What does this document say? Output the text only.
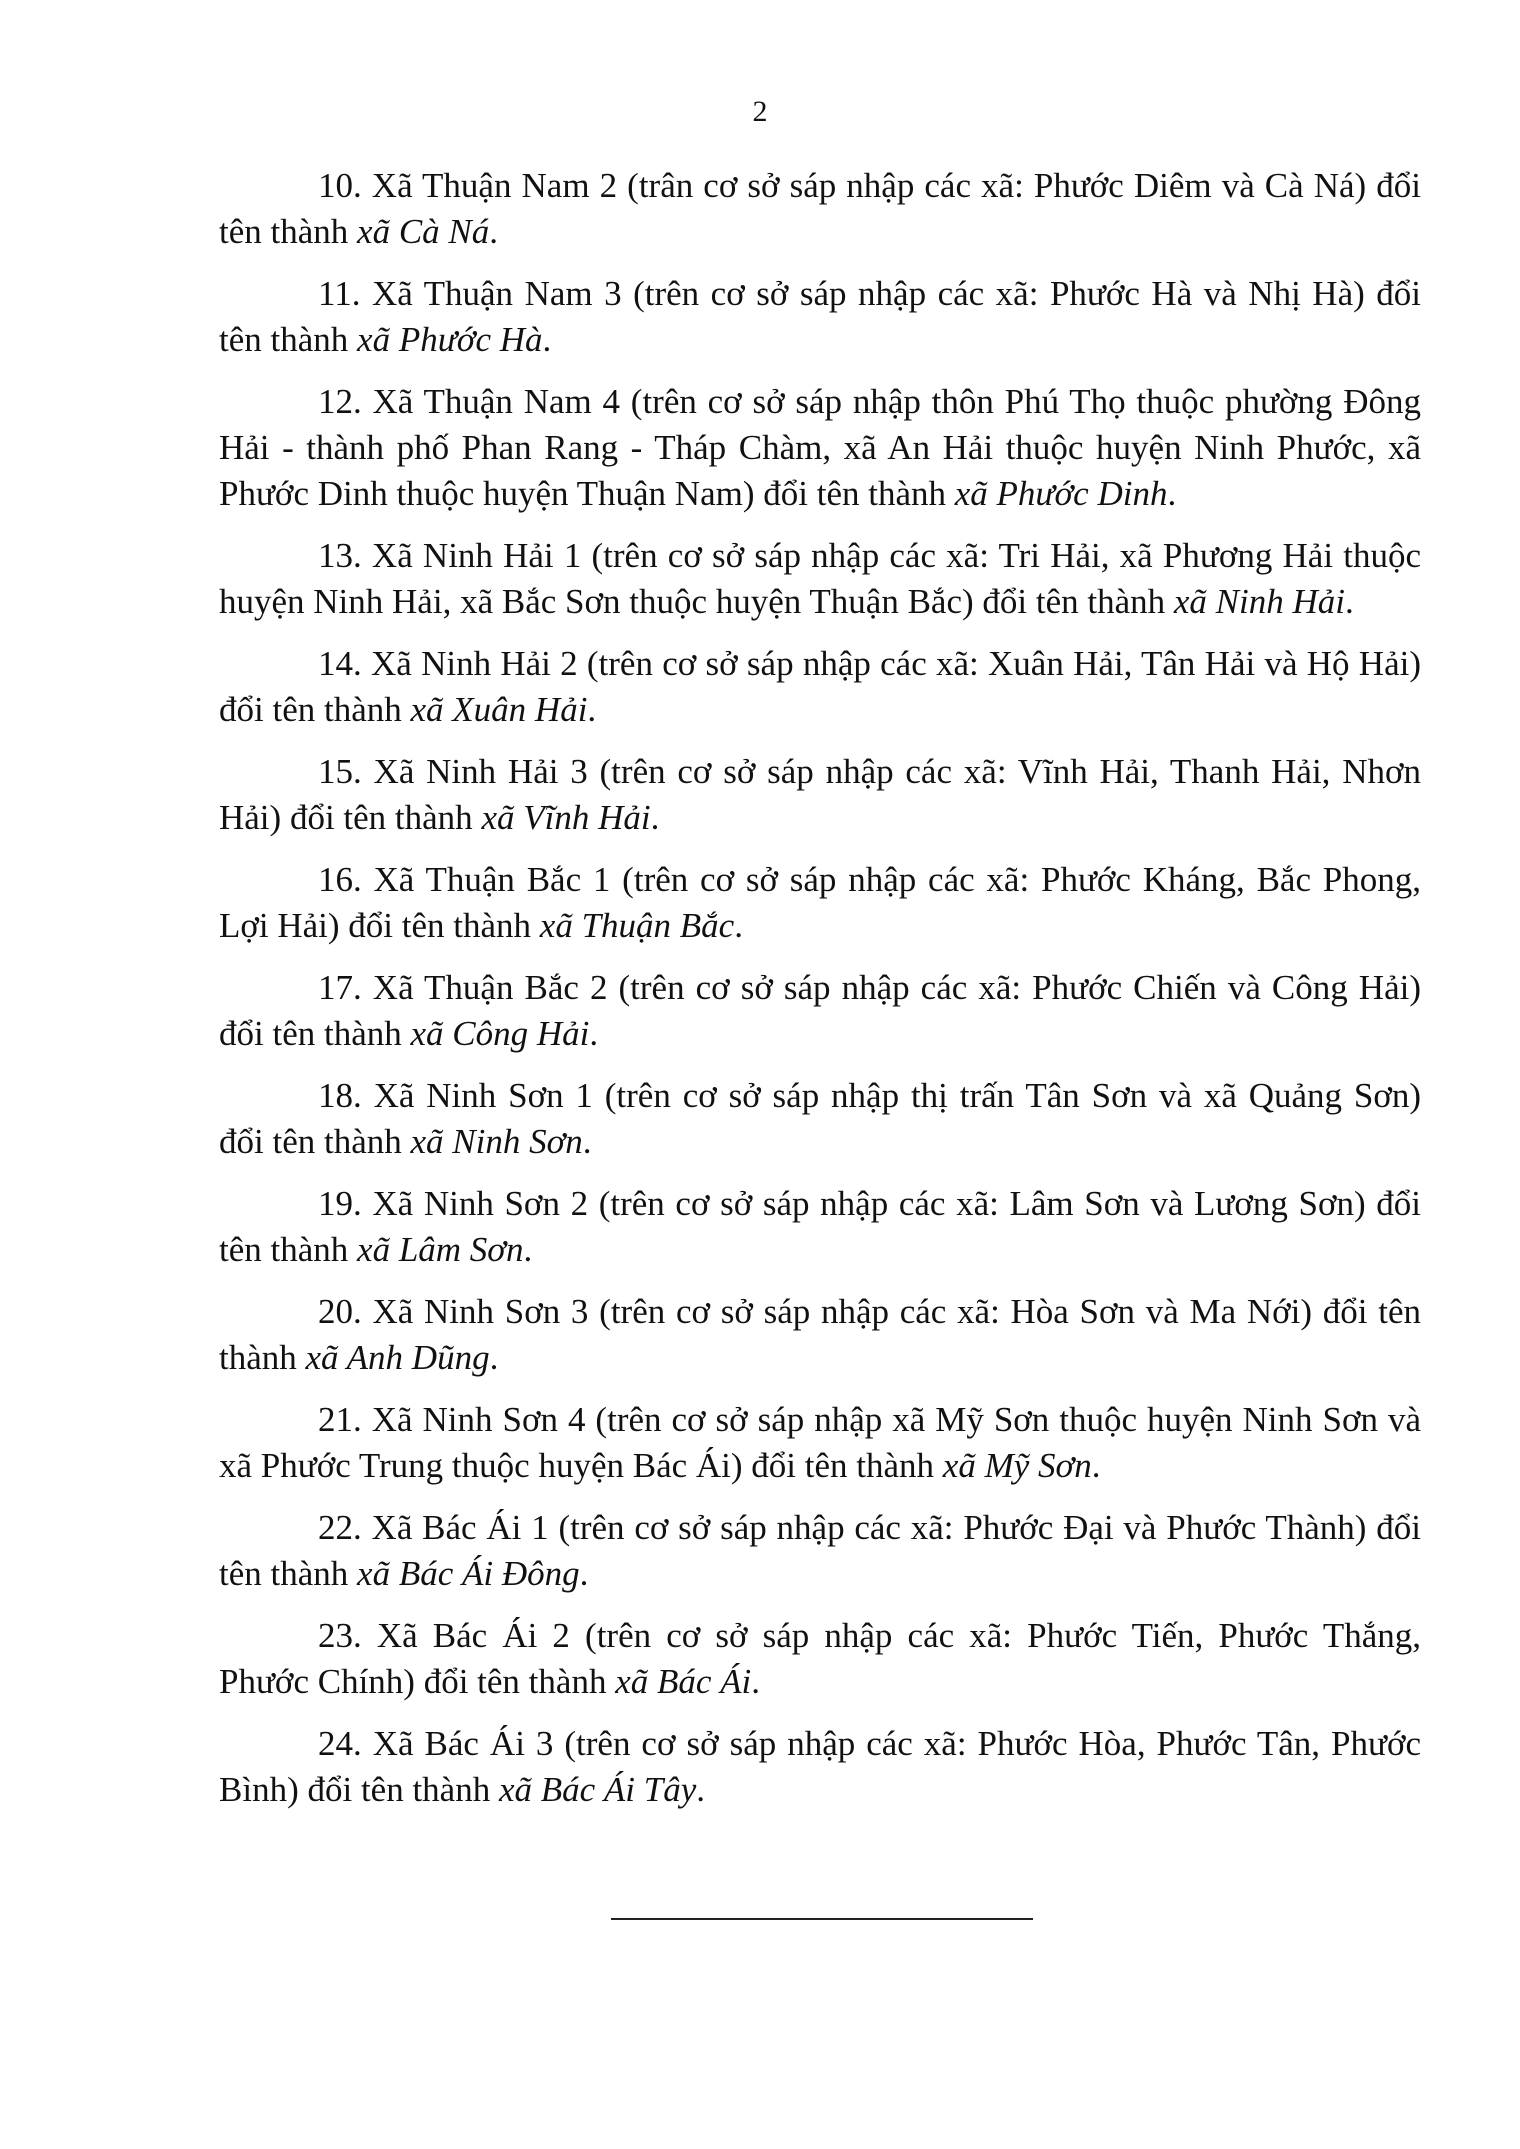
2

10. Xã Thuận Nam 2 (trân cơ sở sáp nhập các xã: Phước Diêm và Cà Ná) đổi tên thành xã Cà Ná.

11. Xã Thuận Nam 3 (trên cơ sở sáp nhập các xã: Phước Hà và Nhị Hà) đổi tên thành xã Phước Hà.

12. Xã Thuận Nam 4 (trên cơ sở sáp nhập thôn Phú Thọ thuộc phường Đông Hải - thành phố Phan Rang - Tháp Chàm, xã An Hải thuộc huyện Ninh Phước, xã Phước Dinh thuộc huyện Thuận Nam) đổi tên thành xã Phước Dinh.

13. Xã Ninh Hải 1 (trên cơ sở sáp nhập các xã: Tri Hải, xã Phương Hải thuộc huyện Ninh Hải, xã Bắc Sơn thuộc huyện Thuận Bắc) đổi tên thành xã Ninh Hải.

14. Xã Ninh Hải 2 (trên cơ sở sáp nhập các xã: Xuân Hải, Tân Hải và Hộ Hải) đổi tên thành xã Xuân Hải.

15. Xã Ninh Hải 3 (trên cơ sở sáp nhập các xã: Vĩnh Hải, Thanh Hải, Nhơn Hải) đổi tên thành xã Vĩnh Hải.

16. Xã Thuận Bắc 1 (trên cơ sở sáp nhập các xã: Phước Kháng, Bắc Phong, Lợi Hải) đổi tên thành xã Thuận Bắc.

17. Xã Thuận Bắc 2 (trên cơ sở sáp nhập các xã: Phước Chiến và Công Hải) đổi tên thành xã Công Hải.

18. Xã Ninh Sơn 1 (trên cơ sở sáp nhập thị trấn Tân Sơn và xã Quảng Sơn) đổi tên thành xã Ninh Sơn.

19. Xã Ninh Sơn 2 (trên cơ sở sáp nhập các xã: Lâm Sơn và Lương Sơn) đổi tên thành xã Lâm Sơn.

20. Xã Ninh Sơn 3 (trên cơ sở sáp nhập các xã: Hòa Sơn và Ma Nới) đổi tên thành xã Anh Dũng.

21. Xã Ninh Sơn 4 (trên cơ sở sáp nhập xã Mỹ Sơn thuộc huyện Ninh Sơn và xã Phước Trung thuộc huyện Bác Ái) đổi tên thành xã Mỹ Sơn.

22. Xã Bác Ái 1 (trên cơ sở sáp nhập các xã: Phước Đại và Phước Thành) đổi tên thành xã Bác Ái Đông.

23. Xã Bác Ái 2 (trên cơ sở sáp nhập các xã: Phước Tiến, Phước Thắng, Phước Chính) đổi tên thành xã Bác Ái.

24. Xã Bác Ái 3 (trên cơ sở sáp nhập các xã: Phước Hòa, Phước Tân, Phước Bình) đổi tên thành xã Bác Ái Tây.
